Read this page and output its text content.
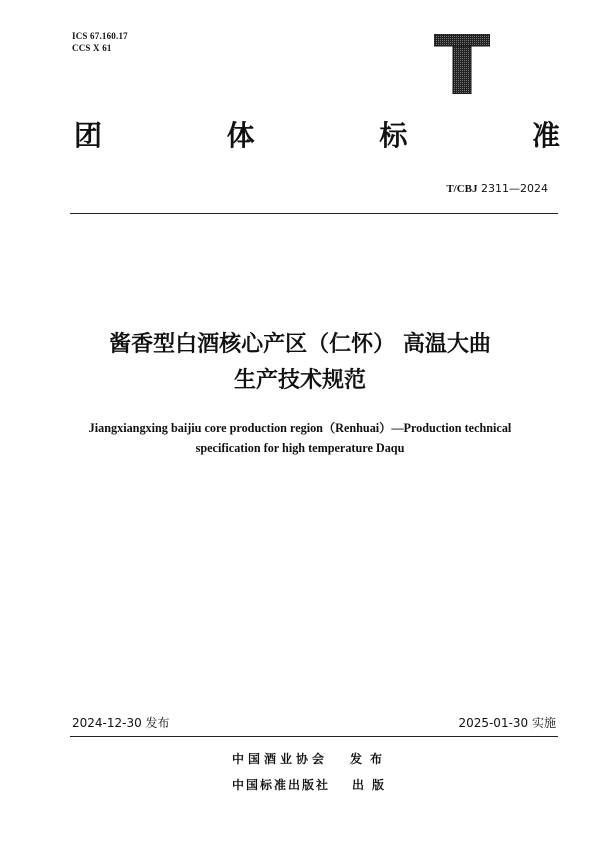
ICS 67.160.17
CCS X 61
团	体	标	准
T/CBJ 2311—2024
酱香型白酒核心产区（仁怀） 高温大曲
生产技术规范
Jiangxiangxing baijiu core production region（Renhuai）—Production technical
specification for high temperature Daqu
2024-12-30 发布	2025-01-30 实施
中国酒业协会 发布
中国标准出版社 出版
